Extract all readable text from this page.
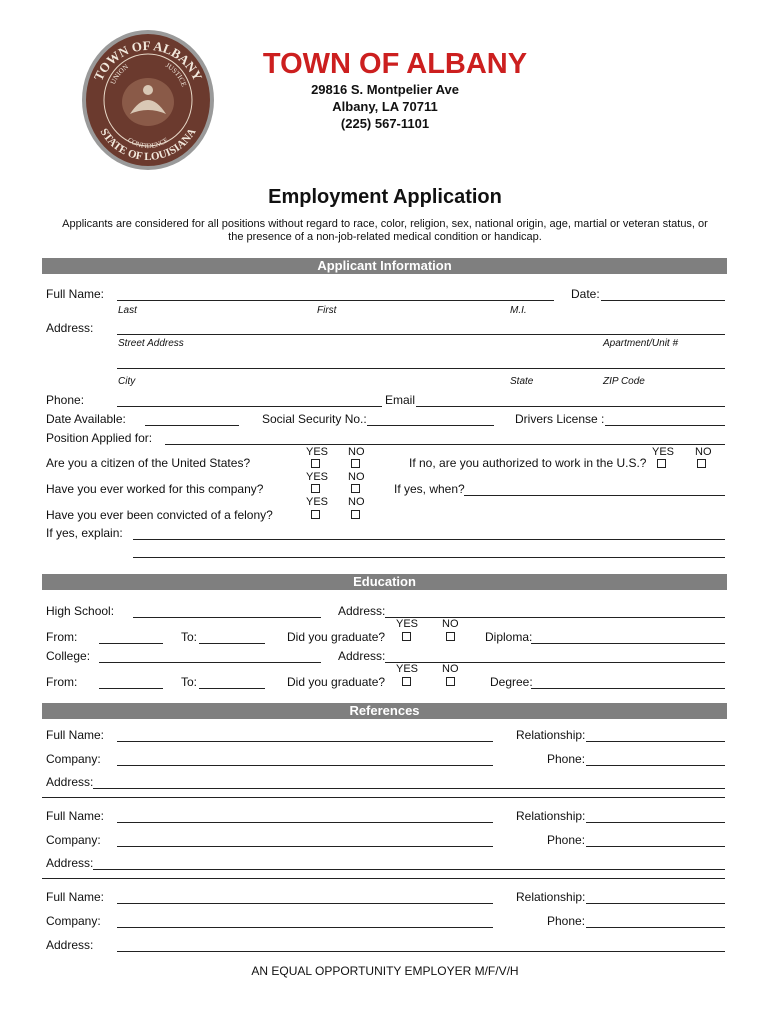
TOWN OF ALBANY
STATE OF LOUISIANA
UNION	JUSTICE
CONFIDENCE
TOWN OF ALBANY
29816 S. Montpelier Ave
Albany, LA 70711
(225) 567-1101
Employment Application
Applicants are considered for all positions without regard to race, color, religion, sex, national origin, age, martial or veteran status, or
the presence of a non-job-related medical condition or handicap.
Applicant Information
Full Name:	Date:
Last	First	M.I.
Address:
Street Address	Apartment/Unit #
City	State	ZIP Code
Phone:	Email
Date Available:	Social Security No.:	Drivers License :
Position Applied for:
YES NO
Are you a citizen of the United States?	If no, are you authorized to work in the U.S.?
YES NO
YES NO
Have you ever worked for this company?	If yes, when?
YES NO
Have you ever been convicted of a felony?
If yes, explain:
Education
High School:	Address:
YES NO
From:	To:	Did you graduate?	Diploma:
College:	Address:
YES NO
From:	To:	Did you graduate?	Degree:
References
Full Name:	Relationship:
Company:	Phone:
Address:
Full Name:	Relationship:
Company:	Phone:
Address:
Full Name:	Relationship:
Company:	Phone:
Address:
AN EQUAL OPPORTUNITY EMPLOYER M/F/V/H
